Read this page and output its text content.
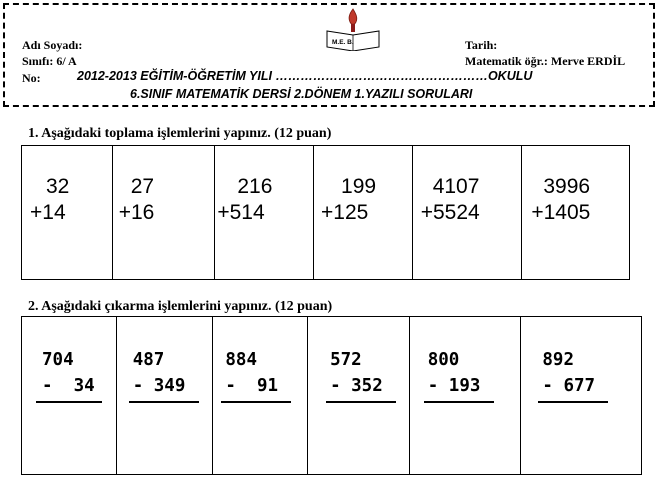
Adı Soyadı:
Sınıfı: 6/ A
No:
Tarih:
Matematik öğr.: Merve ERDİL
2012-2013 EĞİTİM-ÖĞRETİM YILI ……………………………………………OKULU
6.SINIF MATEMATİK DERSİ 2.DÖNEM 1.YAZILI SORULARI
M.E. B.
1. Aşağıdaki toplama işlemlerini yapınız. (12 puan)
32
+14
27
+16
216
+514
199
+125
4107
+5524
3996
+1405
2. Aşağıdaki çıkarma işlemlerini yapınız. (12 puan)
704
-  34
487
- 349
884
-  91
572
- 352
800
- 193
892
- 677
